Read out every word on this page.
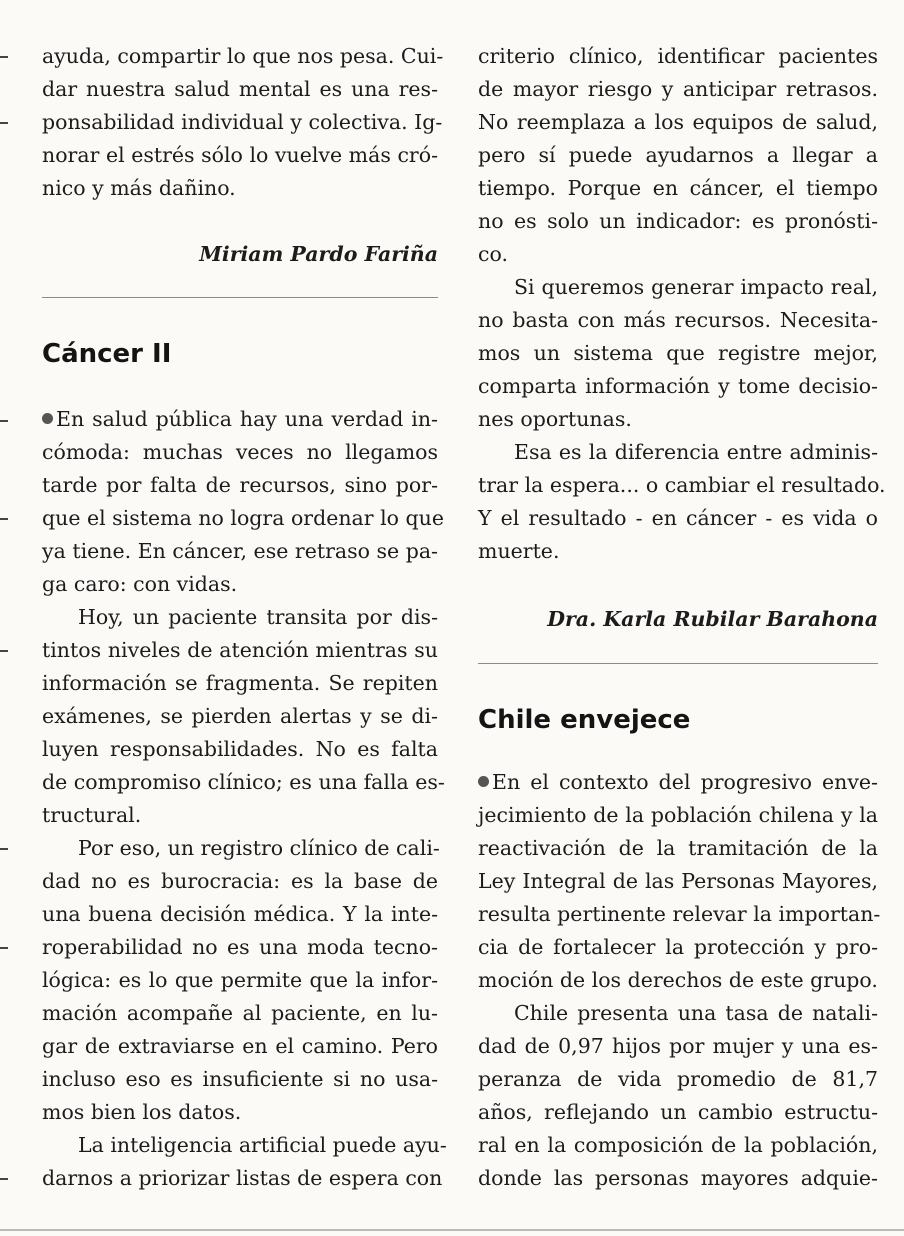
ayuda, compartir lo que nos pesa. Cui-
dar nuestra salud mental es una res-
ponsabilidad individual y colectiva. Ig-
norar el estrés sólo lo vuelve más cró-
nico y más dañino.
Miriam Pardo Fariña
Cáncer II
En salud pública hay una verdad in-
cómoda: muchas veces no llegamos
tarde por falta de recursos, sino por-
que el sistema no logra ordenar lo que
ya tiene. En cáncer, ese retraso se pa-
ga caro: con vidas.
Hoy, un paciente transita por dis-
tintos niveles de atención mientras su
información se fragmenta. Se repiten
exámenes, se pierden alertas y se di-
luyen responsabilidades. No es falta
de compromiso clínico; es una falla es-
tructural.
Por eso, un registro clínico de cali-
dad no es burocracia: es la base de
una buena decisión médica. Y la inte-
roperabilidad no es una moda tecno-
lógica: es lo que permite que la infor-
mación acompañe al paciente, en lu-
gar de extraviarse en el camino. Pero
incluso eso es insuficiente si no usa-
mos bien los datos.
La inteligencia artificial puede ayu-
darnos a priorizar listas de espera con
criterio clínico, identificar pacientes
de mayor riesgo y anticipar retrasos.
No reemplaza a los equipos de salud,
pero sí puede ayudarnos a llegar a
tiempo. Porque en cáncer, el tiempo
no es solo un indicador: es pronósti-
co.
Si queremos generar impacto real,
no basta con más recursos. Necesita-
mos un sistema que registre mejor,
comparta información y tome decisio-
nes oportunas.
Esa es la diferencia entre adminis-
trar la espera... o cambiar el resultado.
Y el resultado - en cáncer - es vida o
muerte.
Dra. Karla Rubilar Barahona
Chile envejece
En el contexto del progresivo enve-
jecimiento de la población chilena y la
reactivación de la tramitación de la
Ley Integral de las Personas Mayores,
resulta pertinente relevar la importan-
cia de fortalecer la protección y pro-
moción de los derechos de este grupo.
Chile presenta una tasa de natali-
dad de 0,97 hijos por mujer y una es-
peranza de vida promedio de 81,7
años, reflejando un cambio estructu-
ral en la composición de la población,
donde las personas mayores adquie-
